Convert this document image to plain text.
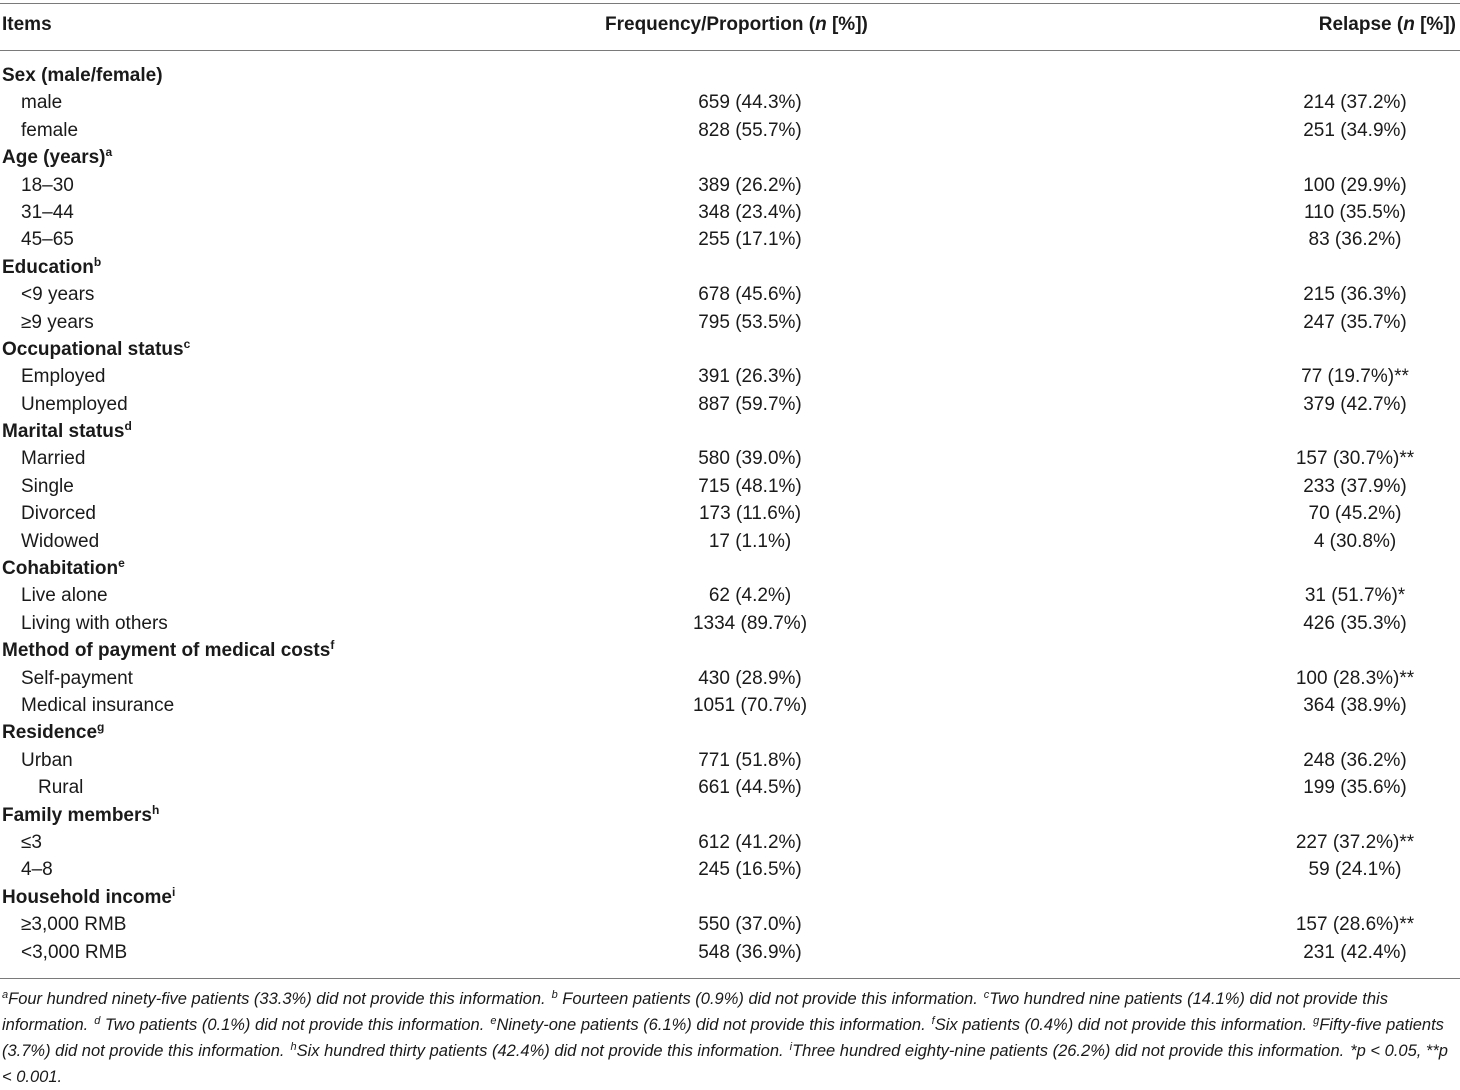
Items	Frequency/Proportion (n [%])	Relapse (n [%])
Sex (male/female)
male	659 (44.3%)	214 (37.2%)
female	828 (55.7%)	251 (34.9%)
Age (years)$^a$
18–30	389 (26.2%)	100 (29.9%)
31–44	348 (23.4%)	110 (35.5%)
45–65	255 (17.1%)	83 (36.2%)
Education$^b$
<9 years	678 (45.6%)	215 (36.3%)
≥9 years	795 (53.5%)	247 (35.7%)
Occupational status$^c$
Employed	391 (26.3%)	77 (19.7%)**
Unemployed	887 (59.7%)	379 (42.7%)
Marital status$^d$
Married	580 (39.0%)	157 (30.7%)**
Single	715 (48.1%)	233 (37.9%)
Divorced	173 (11.6%)	70 (45.2%)
Widowed	17 (1.1%)	4 (30.8%)
Cohabitation$^e$
Live alone	62 (4.2%)	31 (51.7%)*
Living with others	1334 (89.7%)	426 (35.3%)
Method of payment of medical costs$^f$
Self-payment	430 (28.9%)	100 (28.3%)**
Medical insurance	1051 (70.7%)	364 (38.9%)
Residence$^g$
Urban	771 (51.8%)	248 (36.2%)
Rural	661 (44.5%)	199 (35.6%)
Family members$^h$
≤3	612 (41.2%)	227 (37.2%)**
4–8	245 (16.5%)	59 (24.1%)
Household income$^i$
≥3,000 RMB	550 (37.0%)	157 (28.6%)**
<3,000 RMB	548 (36.9%)	231 (42.4%)
$^a$Four hundred ninety-five patients (33.3%) did not provide this information. $^b$ Fourteen patients (0.9%) did not provide this information. $^c$Two hundred nine patients (14.1%) did not provide this information. $^d$ Two patients (0.1%) did not provide this information. $^e$Ninety-one patients (6.1%) did not provide this information. $^f$Six patients (0.4%) did not provide this information. $^g$Fifty-five patients (3.7%) did not provide this information. $^h$Six hundred thirty patients (42.4%) did not provide this information. $^i$Three hundred eighty-nine patients (26.2%) did not provide this information. *p < 0.05, **p < 0.001.
